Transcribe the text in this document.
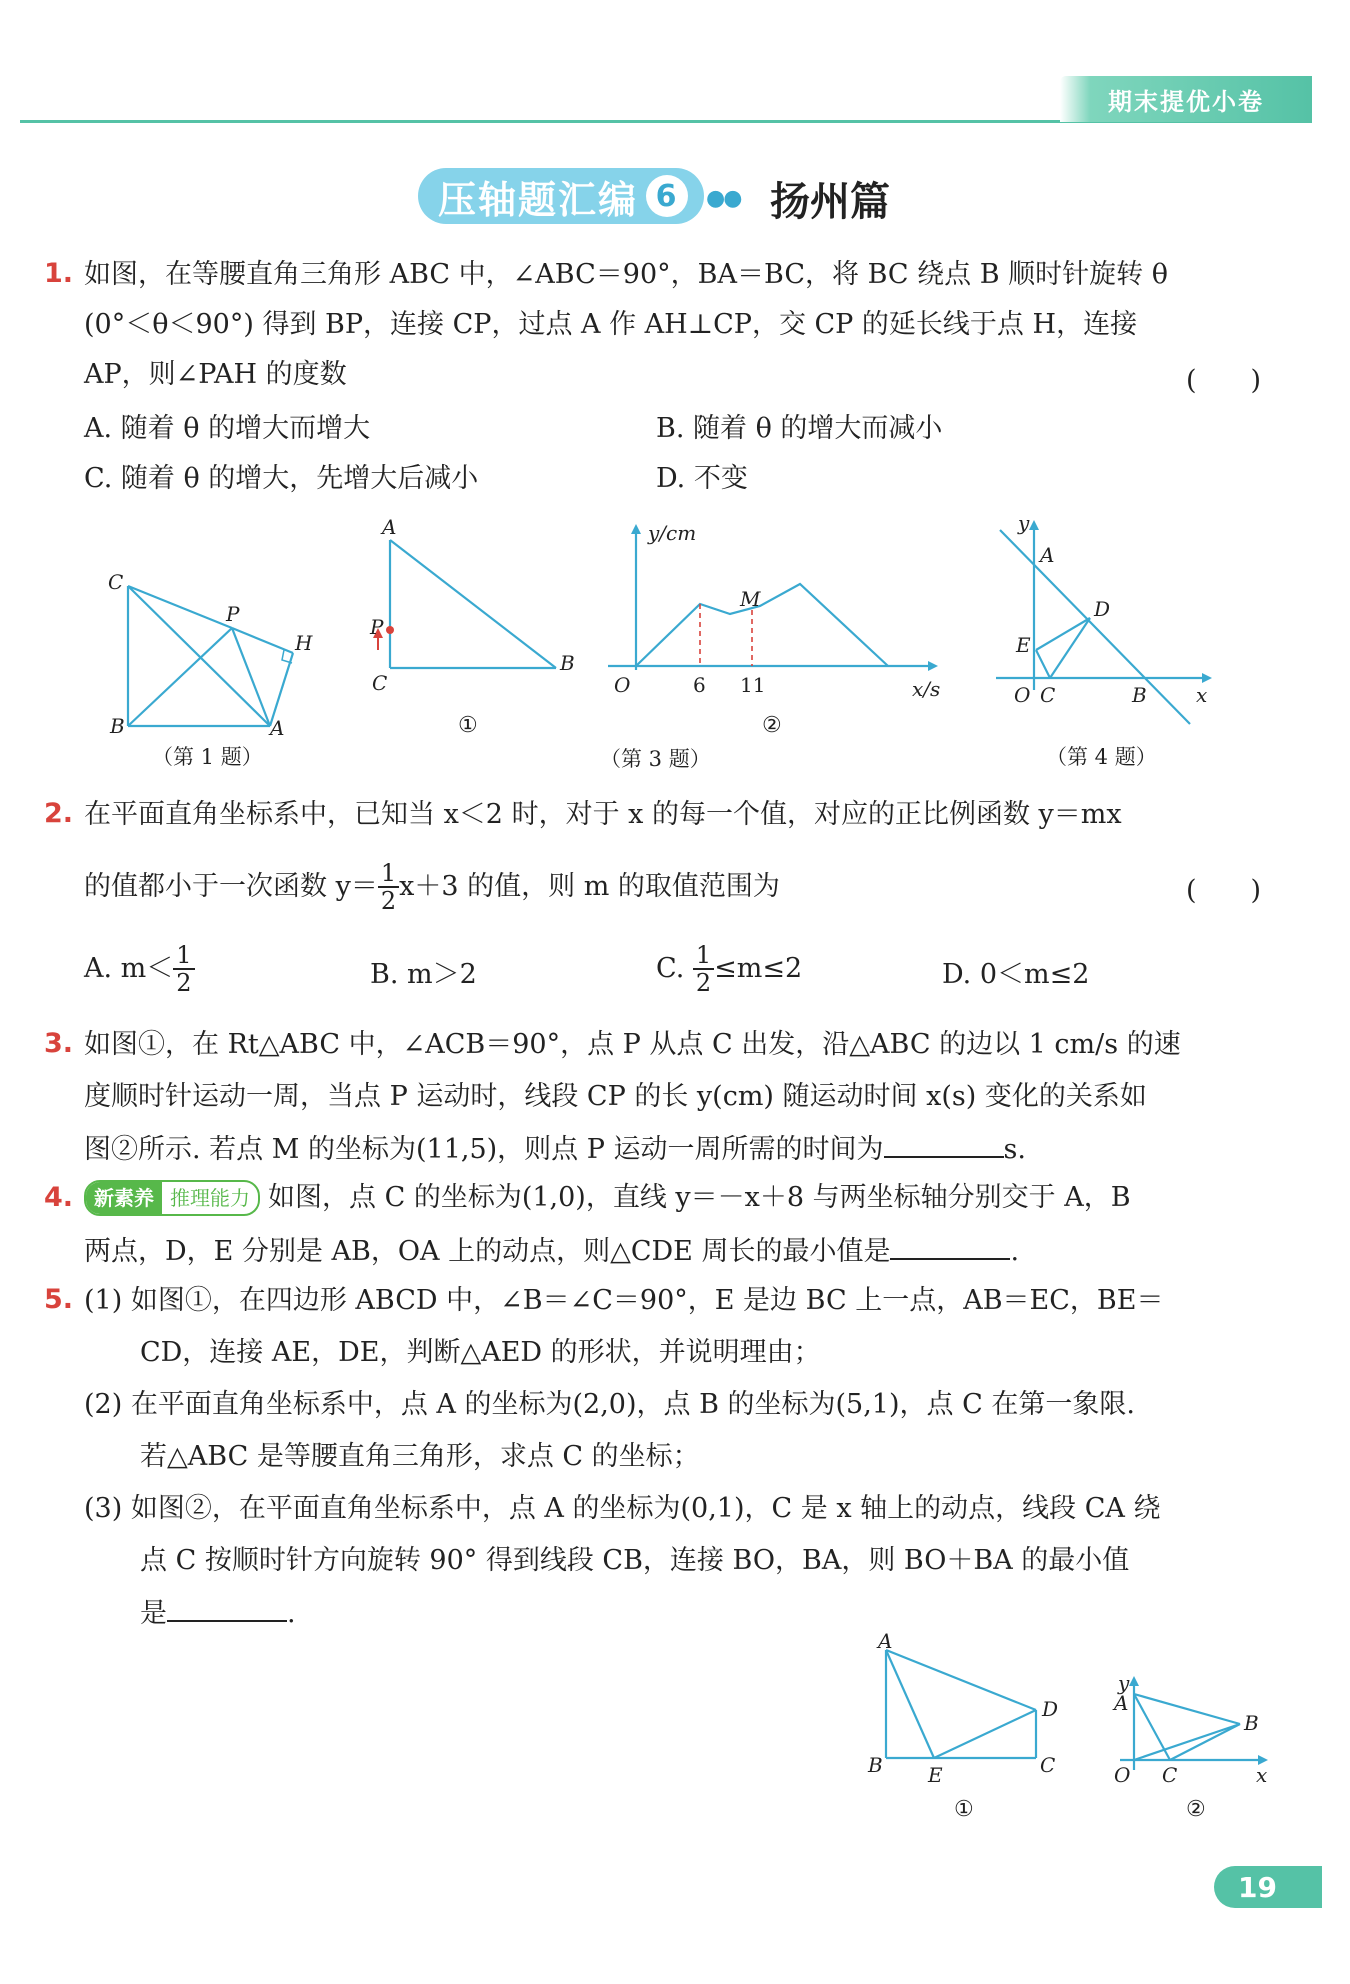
期末提优小卷
压轴题汇编 6	●● 扬州篇
1. 如图，在等腰直角三角形 ABC 中，∠ABC＝90°，BA＝BC，将 BC 绕点 B 顺时针旋转 θ
(0°＜θ＜90°) 得到 BP，连接 CP，过点 A 作 AH⊥CP，交 CP 的延长线于点 H，连接
AP，则∠PAH 的度数	(　　)
A. 随着 θ 的增大而增大	B. 随着 θ 的增大而减小
C. 随着 θ 的增大，先增大后减小	D. 不变
C
P
H
B	A
（第 1 题）
A
P
C
B
①
y/cm
M
O	6 11	x/s
②
（第 3 题）
y
A
D
E
O C	B x
（第 4 题）
2. 在平面直角坐标系中，已知当 x＜2 时，对于 x 的每一个值，对应的正比例函数 y＝mx
的值都小于一次函数 $y= \frac{1}{2} x+3$ 的值，则 m 的取值范围为	(　　)
A. $m< \frac{1}{2}$	B. m＞2	C.
$\frac{1}{2} \le m\le 2$	D. 0＜m≤2
3. 如图①，在 Rt△ABC 中，∠ACB＝90°，点 P 从点 C 出发，沿△ABC 的边以 1 cm/s 的速
度顺时针运动一周，当点 P 运动时，线段 CP 的长 y(cm) 随运动时间 x(s) 变化的关系如
图②所示. 若点 M 的坐标为(11,5)，则点 P 运动一周所需的时间为	s.
4.	新素养 推理能力 如图，点 C 的坐标为(1,0)，直线 y＝－x＋8 与两坐标轴分别交于 A，B
两点，D，E 分别是 AB，OA 上的动点，则△CDE 周长的最小值是	.
5. (1) 如图①，在四边形 ABCD 中，∠B＝∠C＝90°，E 是边 BC 上一点，AB＝EC，BE＝
CD，连接 AE，DE，判断△AED 的形状，并说明理由；
(2) 在平面直角坐标系中，点 A 的坐标为(2,0)，点 B 的坐标为(5,1)，点 C 在第一象限.
若△ABC 是等腰直角三角形，求点 C 的坐标；
(3) 如图②，在平面直角坐标系中，点 A 的坐标为(0,1)，C 是 x 轴上的动点，线段 CA 绕
点 C 按顺时针方向旋转 90° 得到线段 CB，连接 BO，BA，则 BO＋BA 的最小值
是	.
A
D
B E	C
①
y
A
B
O C	x
②
19
